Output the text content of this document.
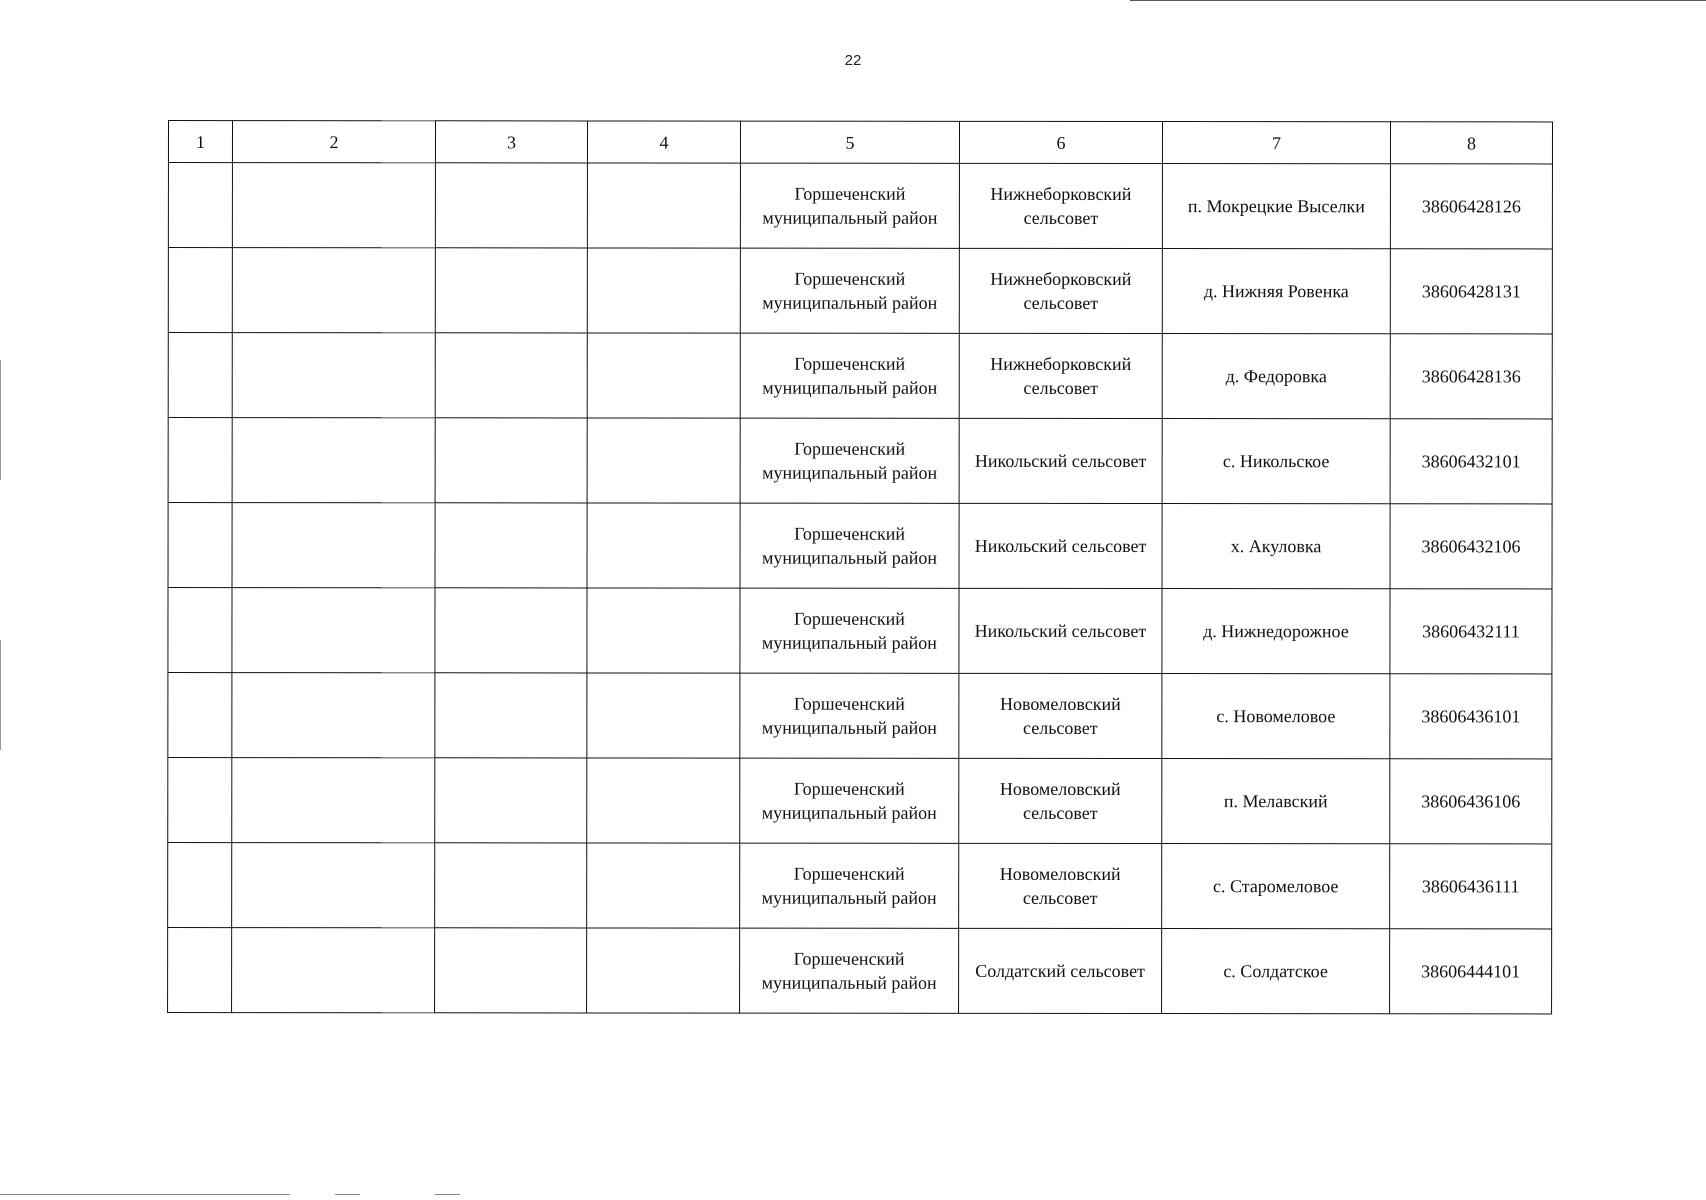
22
1	2	3	4	5	6	7	8
				Горшеченский муниципальный район	Нижнеборковский сельсовет	п. Мокрецкие Выселки	38606428126
				Горшеченский муниципальный район	Нижнеборковский сельсовет	д. Нижняя Ровенка	38606428131
				Горшеченский муниципальный район	Нижнеборковский сельсовет	д. Федоровка	38606428136
				Горшеченский муниципальный район	Никольский сельсовет	с. Никольское	38606432101
				Горшеченский муниципальный район	Никольский сельсовет	х. Акуловка	38606432106
				Горшеченский муниципальный район	Никольский сельсовет	д. Нижнедорожное	38606432111
				Горшеченский муниципальный район	Новомеловский сельсовет	с. Новомеловое	38606436101
				Горшеченский муниципальный район	Новомеловский сельсовет	п. Мелавский	38606436106
				Горшеченский муниципальный район	Новомеловский сельсовет	с. Старомеловое	38606436111
				Горшеченский муниципальный район	Солдатский сельсовет	с. Солдатское	38606444101
